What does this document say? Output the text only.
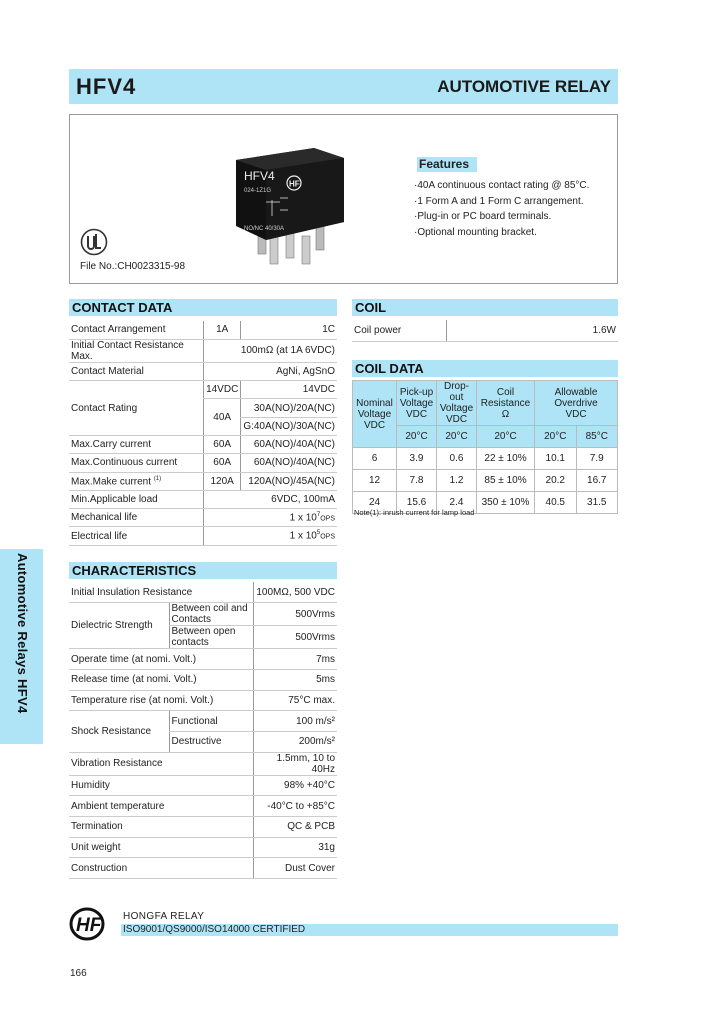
HFV4	AUTOMOTIVE RELAY
HFV4
HF
024-1Z1G
NO/NC 40/30A
Features
·40A continuous contact rating @ 85°C.
·1 Form A and 1 Form C arrangement.
·Plug-in or PC board terminals.
·Optional mounting bracket.
File No.:CH0023315-98
CONTACT DATA
Contact Arrangement	1A	1C
Initial Contact Resistance Max.	100mΩ (at 1A 6VDC)	
Contact Material	AgNi, AgSnO	
Contact Rating	14VDC	14VDC
	40A	30A(NO)/20A(NC)
		G:40A(NO)/30A(NC)
Max.Carry current	60A	60A(NO)/40A(NC)
Max.Continuous current	60A	60A(NO)/40A(NC)
Max.Make current $^{(1)}$	120A	120A(NO)/45A(NC)
Min.Applicable load	6VDC, 100mA	
Mechanical life	1 x $10^7OPS$	
Electrical life	1 x $10^5OPS$	
COIL
Coil power	1.6W
COIL DATA
Nominal
Voltage
VDC	Pick-up
Voltage
VDC	Drop-out
Voltage
VDC	Coil
Resistance
Ω	Allowable
Overdrive
VDC	
	20°C	20°C	20°C	20°C	85°C
6	3.9	0.6	22 ± 10%	10.1	7.9
12	7.8	1.2	85 ± 10%	20.2	16.7
24	15.6	2.4	350 ± 10%	40.5	31.5
Note(1): inrush current for lamp load
Automotive Relays HFV4	CHARACTERISTICS
Initial Insulation Resistance		100MΩ, 500 VDC
Dielectric Strength	Between coil and Contacts	500Vrms
	Between open contacts	500Vrms
Operate time (at nomi. Volt.)		7ms
Release time (at nomi. Volt.)		5ms
Temperature rise (at nomi. Volt.)		75°C max.
Shock Resistance	Functional	100 m/s²
	Destructive	200m/s²
Vibration Resistance		1.5mm, 10 to 40Hz
Humidity		98% +40°C
Ambient temperature		-40°C to +85°C
Termination		QC & PCB
Unit weight		31g
Construction		Dust Cover
HF HONGFA RELAY
ISO9001/QS9000/ISO14000 CERTIFIED
166
